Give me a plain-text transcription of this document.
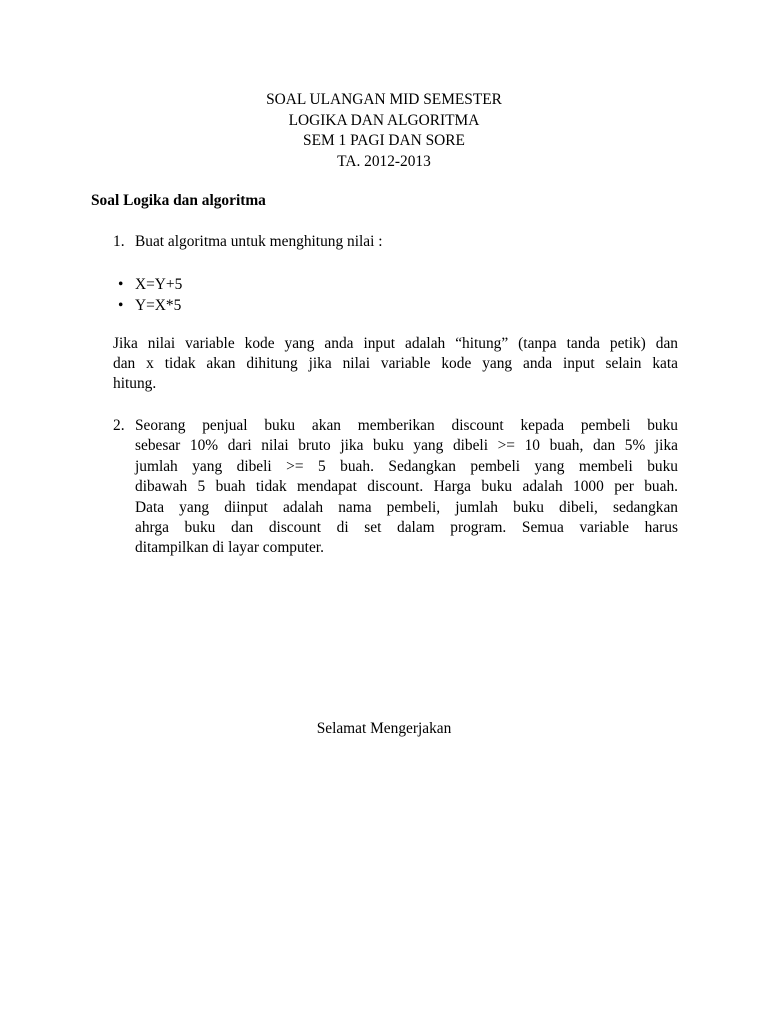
SOAL ULANGAN MID SEMESTER
LOGIKA DAN ALGORITMA
SEM 1 PAGI DAN SORE
TA. 2012-2013
Soal Logika dan algoritma
1. Buat algoritma untuk menghitung nilai :
• X=Y+5
• Y=X*5
Jika nilai variable kode yang anda input adalah “hitung” (tanpa tanda petik) dan
dan x tidak akan dihitung jika nilai variable kode yang anda input selain kata
hitung.
2. Seorang penjual buku akan memberikan discount kepada pembeli buku
sebesar 10% dari nilai bruto jika buku yang dibeli >= 10 buah, dan 5% jika
jumlah yang dibeli >= 5 buah. Sedangkan pembeli yang membeli buku
dibawah 5 buah tidak mendapat discount. Harga buku adalah 1000 per buah.
Data yang diinput adalah nama pembeli, jumlah buku dibeli, sedangkan
ahrga buku dan discount di set dalam program. Semua variable harus
ditampilkan di layar computer.
Selamat Mengerjakan
